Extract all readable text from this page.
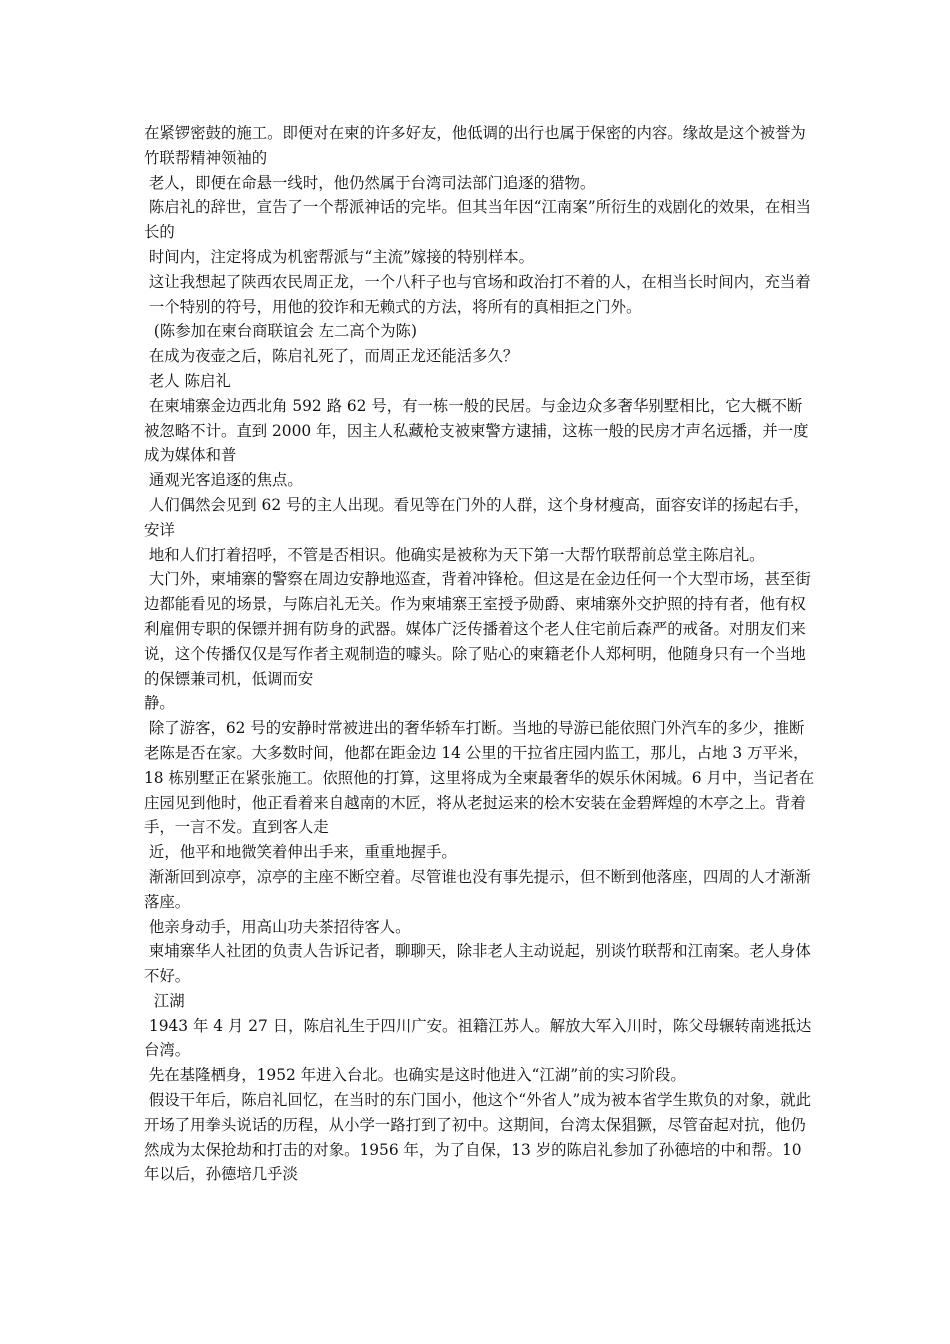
在紧锣密鼓的施工。即便对在柬的许多好友，他低调的出行也属于保密的内容。缘故是这个被誉为竹联帮精神领袖的

老人，即便在命悬一线时，他仍然属于台湾司法部门追逐的猎物。

陈启礼的辞世，宣告了一个帮派神话的完毕。但其当年因“江南案”所衍生的戏剧化的效果，在相当长的

时间内，注定将成为机密帮派与“主流”嫁接的特别样本。

这让我想起了陕西农民周正龙，一个八秆子也与官场和政治打不着的人，在相当长时间内，充当着

一个特别的符号，用他的狡诈和无赖式的方法，将所有的真相拒之门外。

(陈参加在柬台商联谊会 左二高个为陈)

在成为夜壶之后，陈启礼死了，而周正龙还能活多久？

老人 陈启礼

在柬埔寨金边西北角 592 路 62 号，有一栋一般的民居。与金边众多奢华别墅相比，它大概不断被忽略不计。直到 2000 年，因主人私藏枪支被柬警方逮捕，这栋一般的民房才声名远播，并一度成为媒体和普

通观光客追逐的焦点。

人们偶然会见到 62 号的主人出现。看见等在门外的人群，这个身材瘦高，面容安详的扬起右手，安详

地和人们打着招呼，不管是否相识。他确实是被称为天下第一大帮竹联帮前总堂主陈启礼。

大门外，柬埔寨的警察在周边安静地巡查，背着冲锋枪。但这是在金边任何一个大型市场，甚至街边都能看见的场景，与陈启礼无关。作为柬埔寨王室授予勋爵、柬埔寨外交护照的持有者，他有权利雇佣专职的保镖并拥有防身的武器。媒体广泛传播着这个老人住宅前后森严的戒备。对朋友们来说，这个传播仅仅是写作者主观制造的噱头。除了贴心的柬籍老仆人郑柯明，他随身只有一个当地的保镖兼司机，低调而安

静。

除了游客，62 号的安静时常被进出的奢华轿车打断。当地的导游已能依照门外汽车的多少，推断老陈是否在家。大多数时间，他都在距金边 14 公里的干拉省庄园内监工，那儿，占地 3 万平米，18 栋别墅正在紧张施工。依照他的打算，这里将成为全柬最奢华的娱乐休闲城。6 月中，当记者在庄园见到他时，他正看着来自越南的木匠，将从老挝运来的桧木安装在金碧辉煌的木亭之上。背着手，一言不发。直到客人走

近，他平和地微笑着伸出手来，重重地握手。

渐渐回到凉亭，凉亭的主座不断空着。尽管谁也没有事先提示，但不断到他落座，四周的人才渐渐落座。

他亲身动手，用高山功夫茶招待客人。

柬埔寨华人社团的负责人告诉记者，聊聊天，除非老人主动说起，别谈竹联帮和江南案。老人身体不好。

江湖

1943 年 4 月 27 日，陈启礼生于四川广安。祖籍江苏人。解放大军入川时，陈父母辗转南逃抵达台湾。

先在基隆栖身，1952 年进入台北。也确实是这时他进入“江湖”前的实习阶段。

假设干年后，陈启礼回忆，在当时的东门国小，他这个“外省人”成为被本省学生欺负的对象，就此开场了用拳头说话的历程，从小学一路打到了初中。这期间，台湾太保猖獗，尽管奋起对抗，他仍然成为太保抢劫和打击的对象。1956 年，为了自保，13 岁的陈启礼参加了孙德培的中和帮。10 年以后，孙德培几乎淡
